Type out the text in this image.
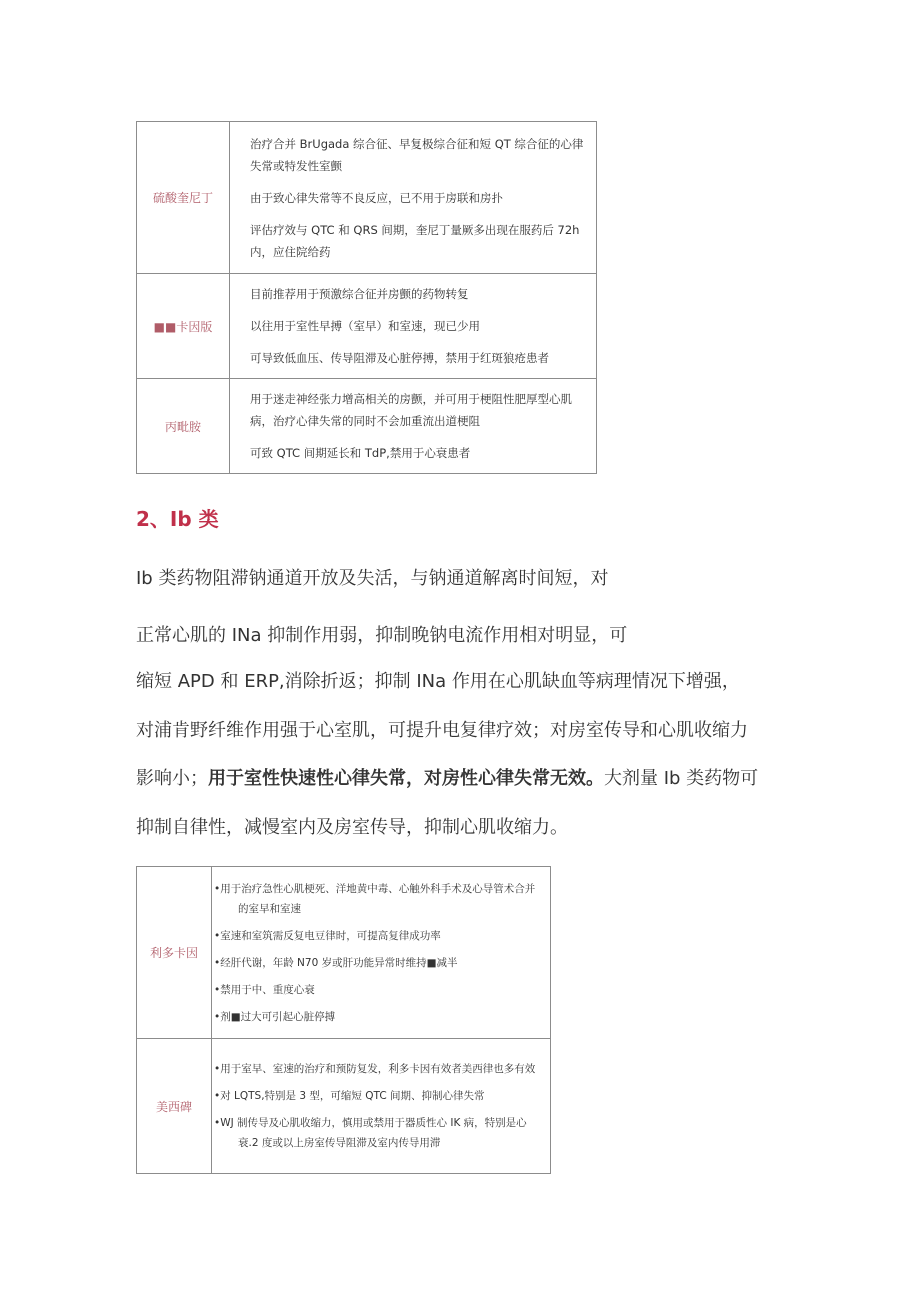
硫酸奎尼丁	治疗合并 BrUgada 综合征、早复极综合征和短 QT 综合征的心律失常或特发性室颤

由于致心律失常等不良反应，已不用于房联和房扑

评估疗效与 QTC 和 QRS 间期，奎尼丁量厥多出现在服药后 72h 内，应住院给药

■■卡因版	目前推荐用于预激综合征并房颤的药物转复

以往用于室性早搏（室早）和室速，现已少用

可导致低血压、传导阻滞及心脏停搏，禁用于红斑狼疮患者

丙毗胺	用于迷走神经张力增高相关的房颤，并可用于梗阻性肥厚型心肌病，治疗心律失常的同时不会加重流出道梗阻

可致 QTC 间期延长和 TdP,禁用于心衰患者

2、Ib 类

Ib 类药物阻滞钠通道开放及失活，与钠通道解离时间短，对

正常心肌的 INa 抑制作用弱，抑制晚钠电流作用相对明显，可

缩短 APD 和 ERP,消除折返；抑制 INa 作用在心肌缺血等病理情况下增强，

对浦肯野纤维作用强于心室肌，可提升电复律疗效；对房室传导和心肌收缩力

影响小；用于室性快速性心律失常，对房性心律失常无效。大剂量 Ib 类药物可

抑制自律性，减慢室内及房室传导，抑制心肌收缩力。

利多卡因	•用于治疗急性心肌梗死、洋地黄中毒、心触外科手术及心导管术合并的室早和室速

•室速和室筑需反复电豆律时，可提高复律成功率

•经肝代谢，年龄 N70 岁或肝功能异常时维持■减半

•禁用于中、重度心衰

•剂■过大可引起心脏停搏

美西碑	•用于室早、室速的治疗和预防复发，利多卡因有效者美西律也多有效

•对 LQTS,特别是 3 型，可缩短 QTC 间期、抑制心律失常

•WJ 制传导及心肌收缩力，慎用或禁用于器质性心 IK 病，特别是心衰.2 度或以上房室传导阻滞及室内传导用滞
